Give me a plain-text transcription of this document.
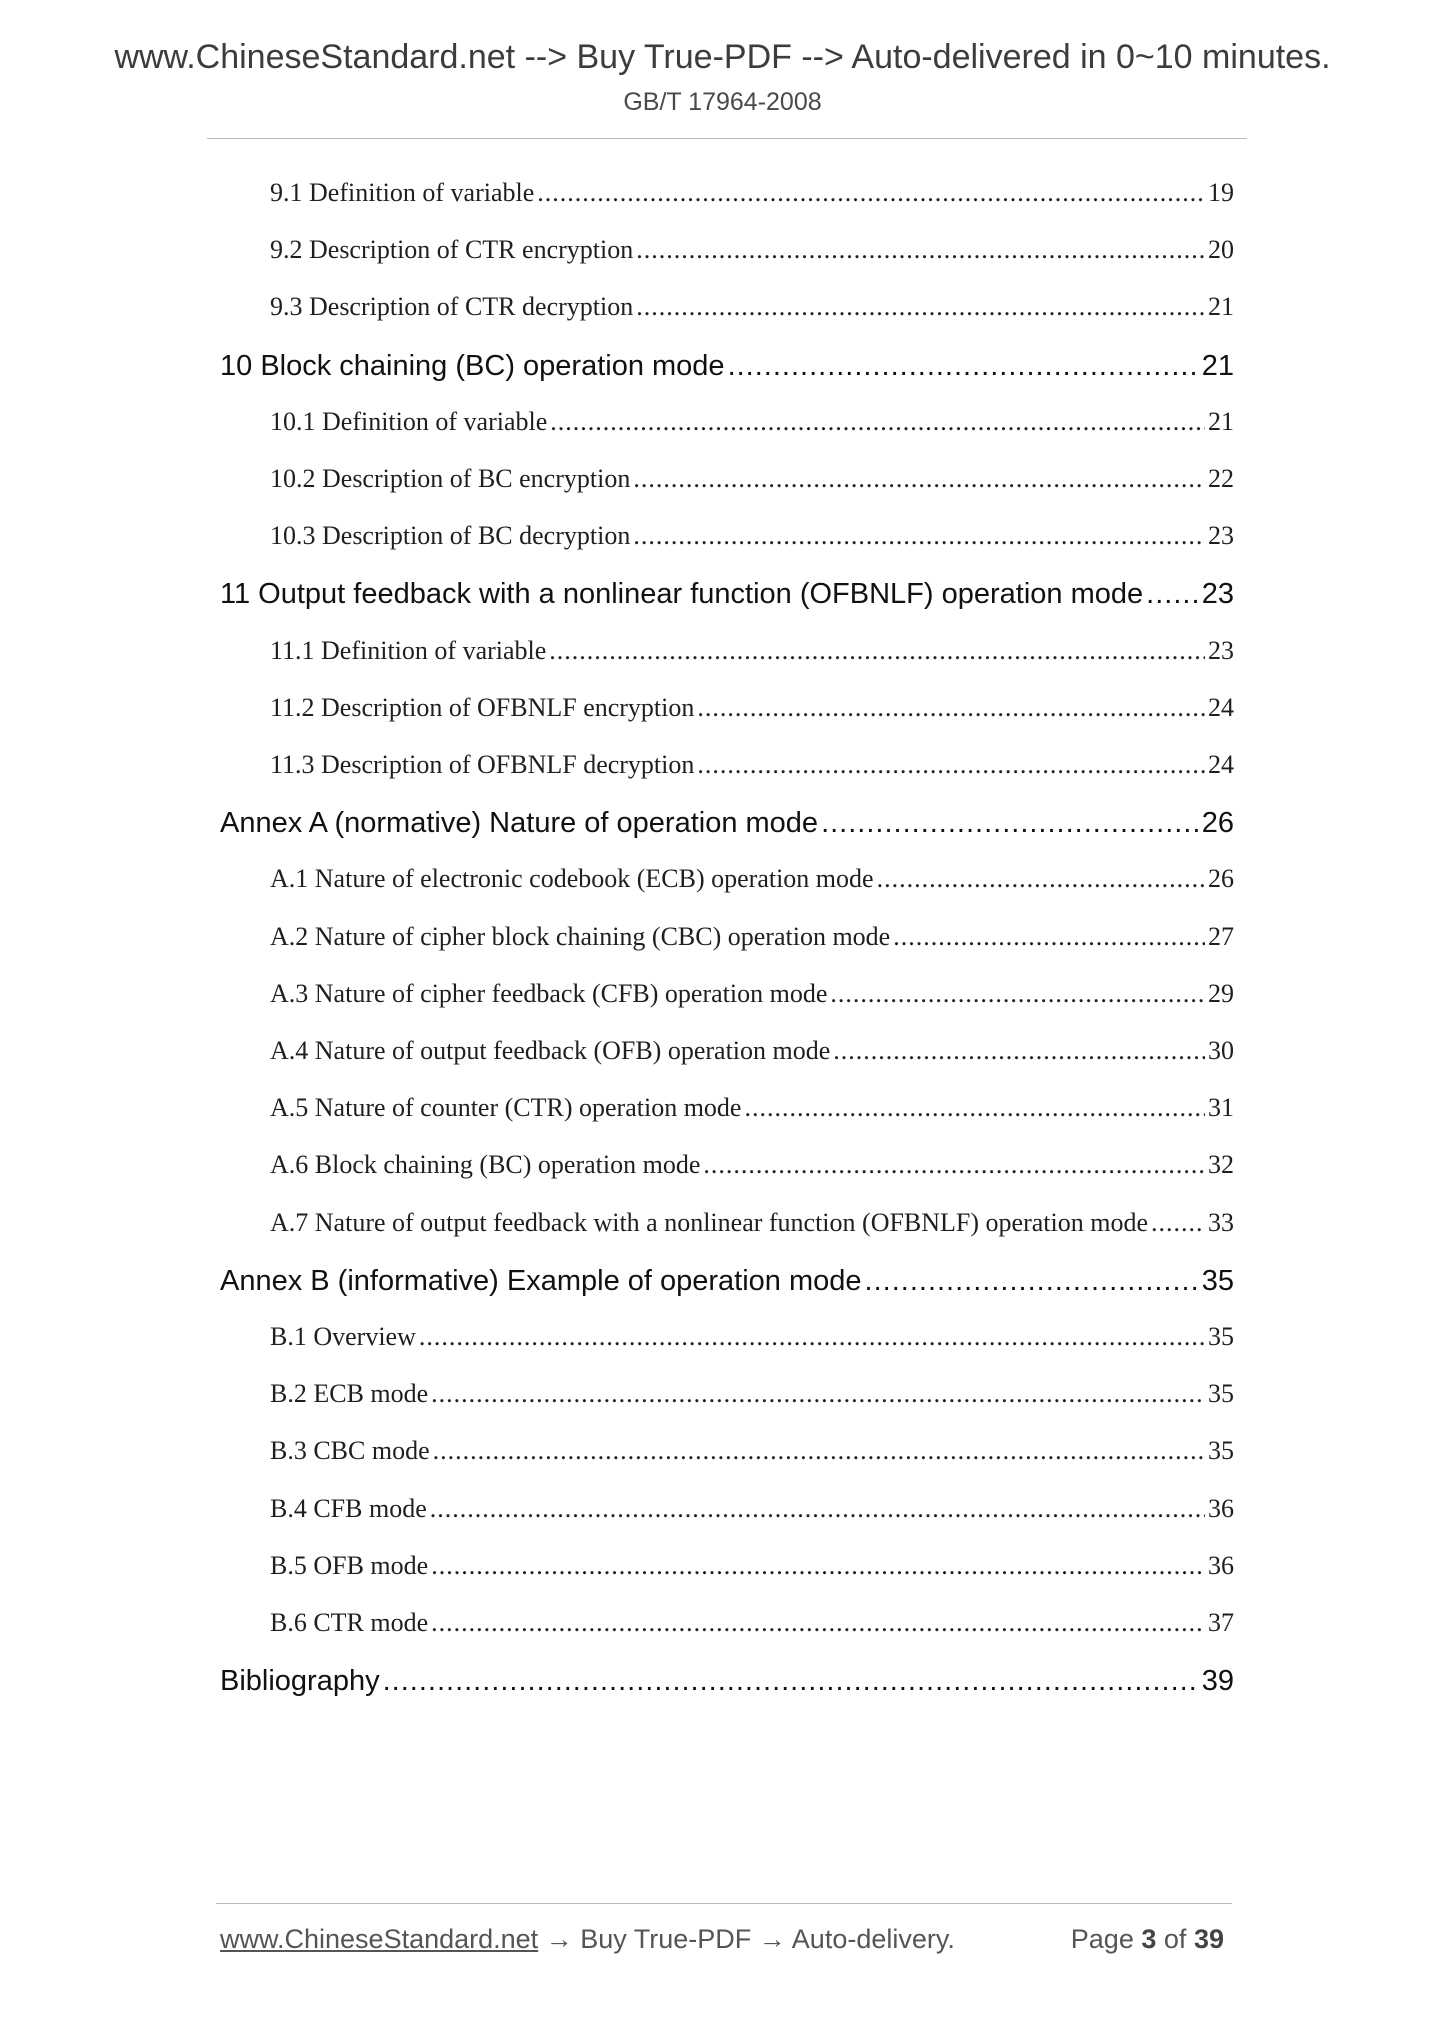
www.ChineseStandard.net --> Buy True-PDF --> Auto-delivered in 0~10 minutes.
GB/T 17964-2008
9.1 Definition of variable .....	19
9.2 Description of CTR encryption .....	20
9.3 Description of CTR decryption .....	21
10 Block chaining (BC) operation mode .....	21
10.1 Definition of variable .....	21
10.2 Description of BC encryption .....	22
10.3 Description of BC decryption .....	23
11 Output feedback with a nonlinear function (OFBNLF) operation mode ..... 23
11.1 Definition of variable .....	23
11.2 Description of OFBNLF encryption .....	24
11.3 Description of OFBNLF decryption .....	24
Annex A (normative) Nature of operation mode .....	26
A.1 Nature of electronic codebook (ECB) operation mode .....	26
A.2 Nature of cipher block chaining (CBC) operation mode .....	27
A.3 Nature of cipher feedback (CFB) operation mode .....	29
A.4 Nature of output feedback (OFB) operation mode .....	30
A.5 Nature of counter (CTR) operation mode .....	31
A.6 Block chaining (BC) operation mode .....	32
A.7 Nature of output feedback with a nonlinear function (OFBNLF) operation mode ..... 33
Annex B (informative) Example of operation mode .....	35
B.1 Overview .....	35
B.2 ECB mode .....	35
B.3 CBC mode .....	35
B.4 CFB mode .....	36
B.5 OFB mode .....	36
B.6 CTR mode .....	37
Bibliography .....	39
www.ChineseStandard.net → Buy True-PDF → Auto-delivery.	Page 3 of 39
